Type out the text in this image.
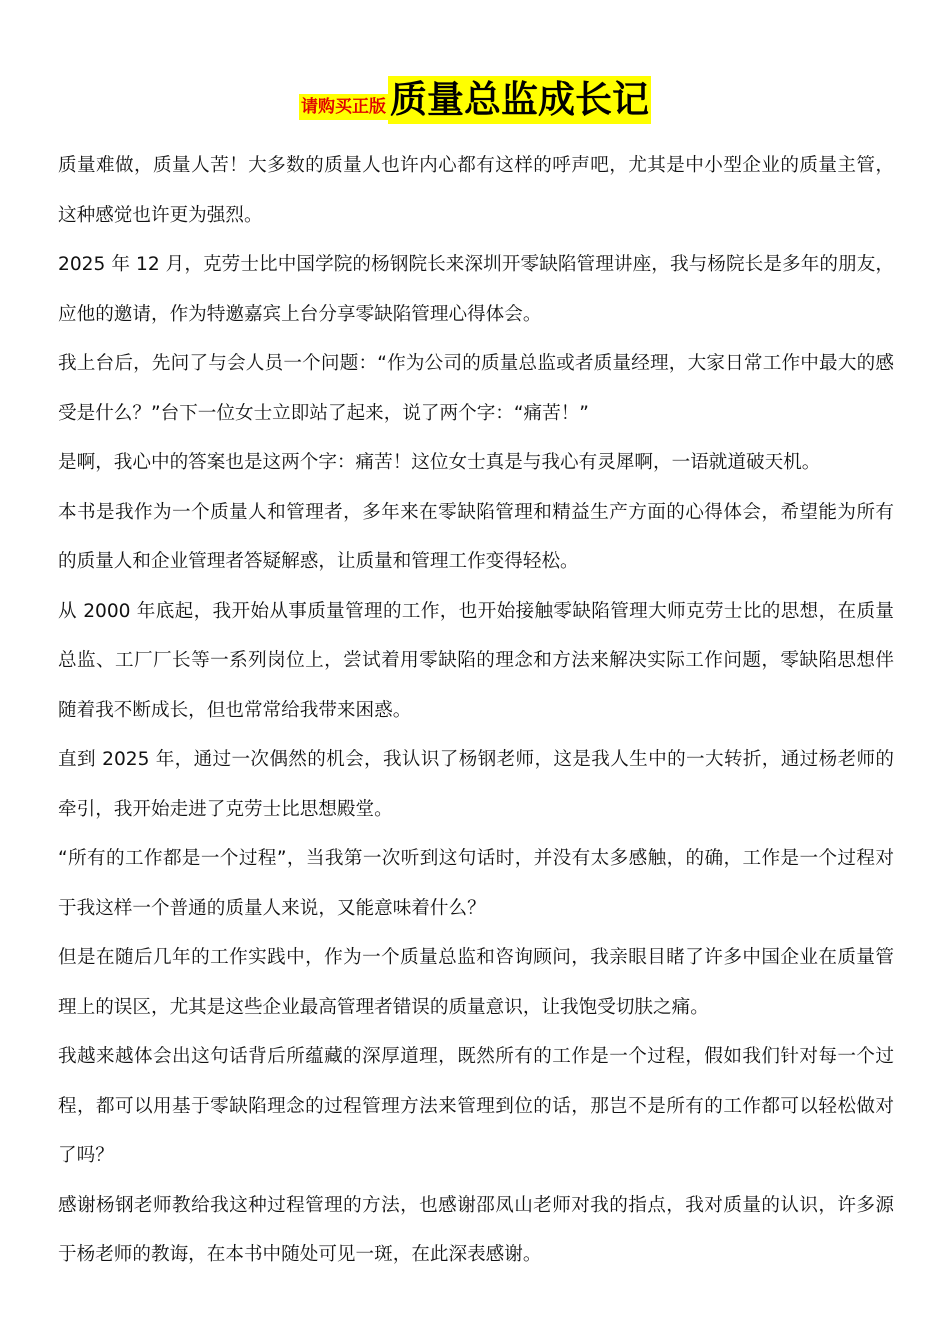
请购买正版 质量总监成长记

质量难做，质量人苦！大多数的质量人也许内心都有这样的呼声吧，尤其是中小型企业的质量主管，这种感觉也许更为强烈。

2025 年 12 月，克劳士比中国学院的杨钢院长来深圳开零缺陷管理讲座，我与杨院长是多年的朋友，应他的邀请，作为特邀嘉宾上台分享零缺陷管理心得体会。

我上台后，先问了与会人员一个问题：“作为公司的质量总监或者质量经理，大家日常工作中最大的感受是什么？”台下一位女士立即站了起来，说了两个字：“痛苦！”

是啊，我心中的答案也是这两个字：痛苦！这位女士真是与我心有灵犀啊，一语就道破天机。

本书是我作为一个质量人和管理者，多年来在零缺陷管理和精益生产方面的心得体会，希望能为所有的质量人和企业管理者答疑解惑，让质量和管理工作变得轻松。

从 2000 年底起，我开始从事质量管理的工作，也开始接触零缺陷管理大师克劳士比的思想，在质量总监、工厂厂长等一系列岗位上，尝试着用零缺陷的理念和方法来解决实际工作问题，零缺陷思想伴随着我不断成长，但也常常给我带来困惑。

直到 2025 年，通过一次偶然的机会，我认识了杨钢老师，这是我人生中的一大转折，通过杨老师的牵引，我开始走进了克劳士比思想殿堂。

“所有的工作都是一个过程”，当我第一次听到这句话时，并没有太多感触，的确，工作是一个过程对于我这样一个普通的质量人来说，又能意味着什么？

但是在随后几年的工作实践中，作为一个质量总监和咨询顾问，我亲眼目睹了许多中国企业在质量管理上的误区，尤其是这些企业最高管理者错误的质量意识，让我饱受切肤之痛。

我越来越体会出这句话背后所蕴藏的深厚道理，既然所有的工作是一个过程，假如我们针对每一个过程，都可以用基于零缺陷理念的过程管理方法来管理到位的话，那岂不是所有的工作都可以轻松做对了吗？

感谢杨钢老师教给我这种过程管理的方法，也感谢邵凤山老师对我的指点，我对质量的认识，许多源于杨老师的教诲，在本书中随处可见一斑，在此深表感谢。
